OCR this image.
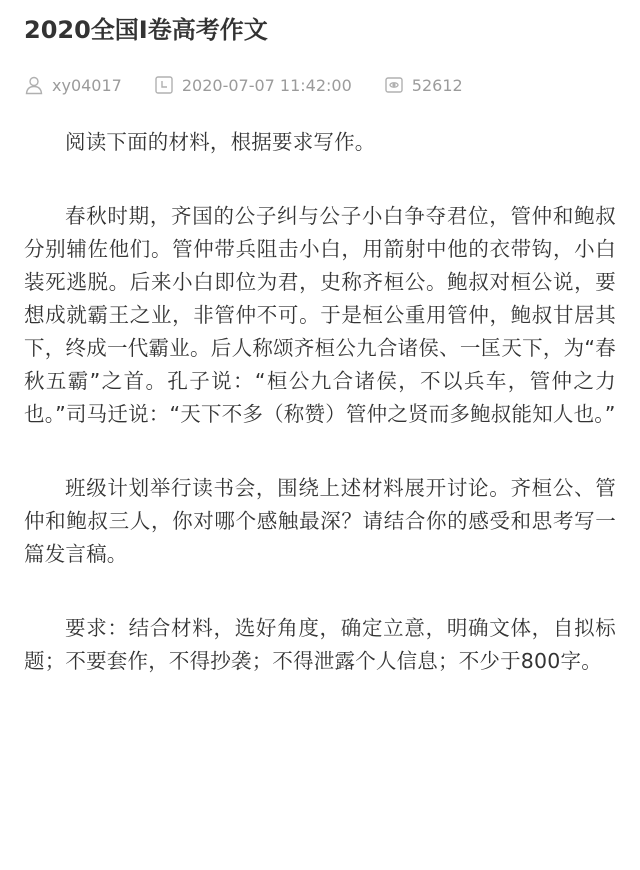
2020全国I卷高考作文
xy04017	2020-07-07 11:42:00	52612

阅读下面的材料，根据要求写作。

春秋时期，齐国的公子纠与公子小白争夺君位，管仲和鲍叔分别辅佐他们。管仲带兵阻击小白，用箭射中他的衣带钩，小白装死逃脱。后来小白即位为君，史称齐桓公。鲍叔对桓公说，要想成就霸王之业，非管仲不可。于是桓公重用管仲，鲍叔甘居其下，终成一代霸业。后人称颂齐桓公九合诸侯、一匡天下，为“春秋五霸”之首。孔子说：“桓公九合诸侯，不以兵车，管仲之力也。”司马迁说：“天下不多（称赞）管仲之贤而多鲍叔能知人也。”

班级计划举行读书会，围绕上述材料展开讨论。齐桓公、管仲和鲍叔三人，你对哪个感触最深？请结合你的感受和思考写一篇发言稿。

要求：结合材料，选好角度，确定立意，明确文体，自拟标题；不要套作，不得抄袭；不得泄露个人信息；不少于800字。
